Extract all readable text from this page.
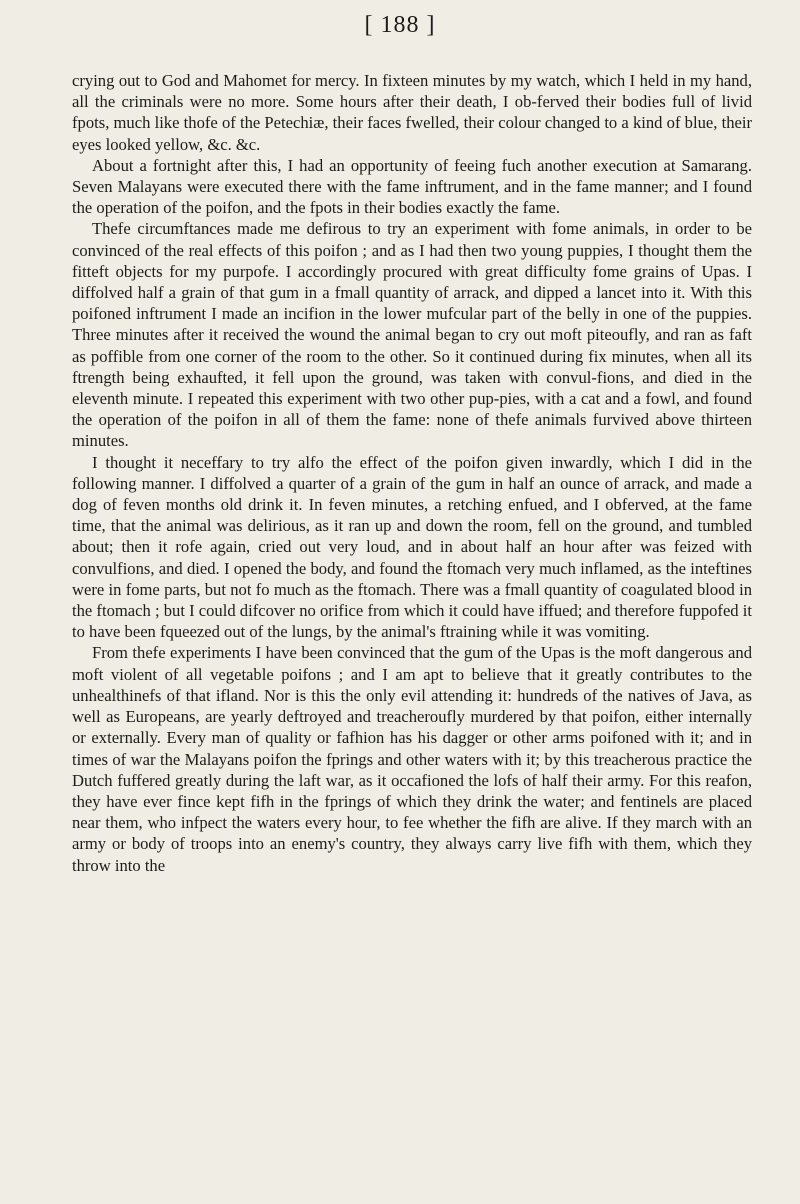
[ 188 ]

crying out to God and Mahomet for mercy. In fixteen minutes by my watch, which I held in my hand, all the criminals were no more. Some hours after their death, I ob-ferved their bodies full of livid fpots, much like thofe of the Petechiæ, their faces fwelled, their colour changed to a kind of blue, their eyes looked yellow, &c. &c.

About a fortnight after this, I had an opportunity of feeing fuch another execution at Samarang. Seven Malayans were executed there with the fame inftrument, and in the fame manner; and I found the operation of the poifon, and the fpots in their bodies exactly the fame.

Thefe circumftances made me defirous to try an experiment with fome animals, in order to be convinced of the real effects of this poifon ; and as I had then two young puppies, I thought them the fitteft objects for my purpofe. I accordingly procured with great difficulty fome grains of Upas. I diffolved half a grain of that gum in a fmall quantity of arrack, and dipped a lancet into it. With this poifoned inftrument I made an incifion in the lower mufcular part of the belly in one of the puppies. Three minutes after it received the wound the animal began to cry out moft piteoufly, and ran as faft as poffible from one corner of the room to the other. So it continued during fix minutes, when all its ftrength being exhaufted, it fell upon the ground, was taken with convul-fions, and died in the eleventh minute. I repeated this experiment with two other pup-pies, with a cat and a fowl, and found the operation of the poifon in all of them the fame: none of thefe animals furvived above thirteen minutes.

I thought it neceffary to try alfo the effect of the poifon given inwardly, which I did in the following manner. I diffolved a quarter of a grain of the gum in half an ounce of arrack, and made a dog of feven months old drink it. In feven minutes, a retching enfued, and I obferved, at the fame time, that the animal was delirious, as it ran up and down the room, fell on the ground, and tumbled about; then it rofe again, cried out very loud, and in about half an hour after was feized with convulfions, and died. I opened the body, and found the ftomach very much inflamed, as the inteftines were in fome parts, but not fo much as the ftomach. There was a fmall quantity of coagulated blood in the ftomach ; but I could difcover no orifice from which it could have iffued; and therefore fuppofed it to have been fqueezed out of the lungs, by the animal's ftraining while it was vomiting.

From thefe experiments I have been convinced that the gum of the Upas is the moft dangerous and moft violent of all vegetable poifons ; and I am apt to believe that it greatly contributes to the unhealthinefs of that ifland. Nor is this the only evil attending it: hundreds of the natives of Java, as well as Europeans, are yearly deftroyed and treacheroufly murdered by that poifon, either internally or externally. Every man of quality or fafhion has his dagger or other arms poifoned with it; and in times of war the Malayans poifon the fprings and other waters with it; by this treacherous practice the Dutch fuffered greatly during the laft war, as it occafioned the lofs of half their army. For this reafon, they have ever fince kept fifh in the fprings of which they drink the water; and fentinels are placed near them, who infpect the waters every hour, to fee whether the fifh are alive. If they march with an army or body of troops into an enemy's country, they always carry live fifh with them, which they throw into the
